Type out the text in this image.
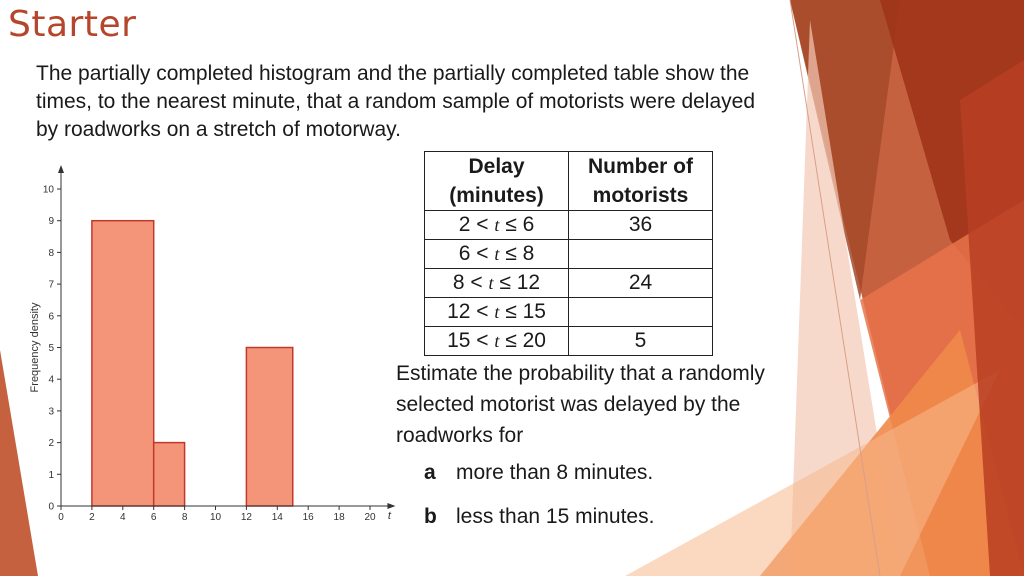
Starter

The partially completed histogram and the partially completed table show the times, to the nearest minute, that a random sample of motorists were delayed by roadworks on a stretch of motorway.

0	2	4	6	8 10 12 14 16 18 20
0
1
2
3
4
5
6
7
8
9
10
t
Frequency density
Delay (minutes)	Number of motorists
2 < t ≤ 6	36
6 < t ≤ 8	
8 < t ≤ 12	24
12 < t ≤ 15	
15 < t ≤ 20	5

Estimate the probability that a randomly selected motorist was delayed by the roadworks for

a more than 8 minutes.
b less than 15 minutes.
